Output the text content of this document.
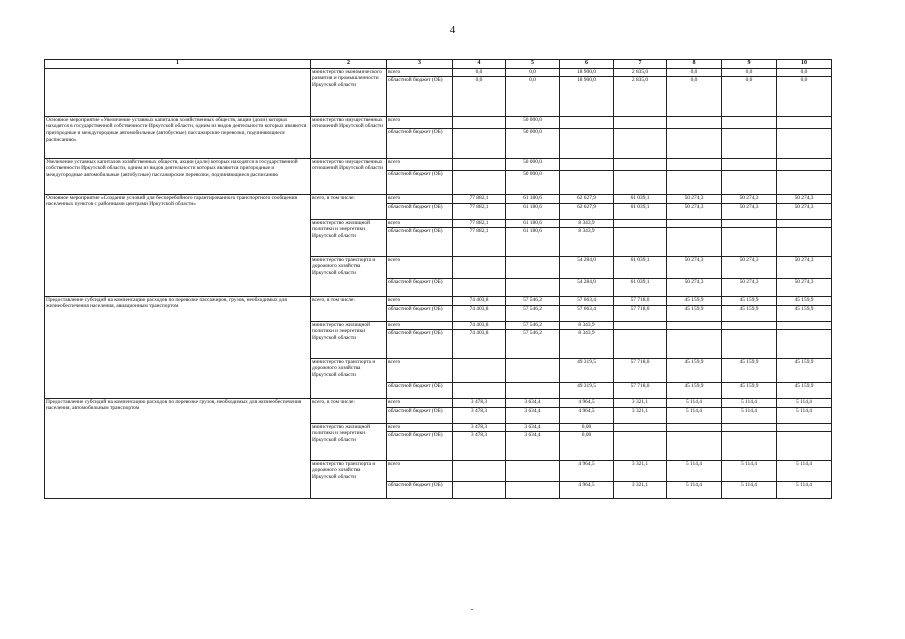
4
1	2	3	4	5	6	7	8	9	10
	министерство экономического развития и промышленности Иркутской области	всего	0,0	0,0	18 900,0	2 835,0	0,0	0,0	0,0
		областной бюджет (ОБ)	0,0	0,0	18 900,0	2 835,0	0,0	0,0	0,0
Основное мероприятие «Увеличение уставных капиталов хозяйственных обществ, акции (доли) которых находятся в государственной собственности Иркутской области, одним из видов деятельности которых являются пригородные и междугородные автомобильные (автобусные) пассажирские перевозки, подчиняющиеся расписанию»	министерство имущественных отношений Иркутской области	всего		50 000,0					
		областной бюджет (ОБ)		50 000,0					
Увеличение уставных капиталов хозяйственных обществ, акции (доли) которых находятся в государственной собственности Иркутской области, одним из видов деятельности которых являются пригородные и междугородные автомобильные (автобусные) пассажирские перевозки, подчиняющиеся расписанию	министерство имущественных отношений Иркутской области	всего		50 000,0					
		областной бюджет (ОБ)		50 000,0					
Основное мероприятие «Создание условий для бесперебойного гарантированного транспортного сообщения населенных пунктов с районными центрами Иркутской области»	всего, в том числе:	всего	77 882,1	61 180,6	62 627,9	61 039,1	50 274,3	50 274,3	50 274,3
		областной бюджет (ОБ)	77 882,1	61 180,6	62 627,9	61 039,1	50 274,3	50 274,3	50 274,3
	министерство жилищной политики и энергетики Иркутской области	всего	77 882,1	61 180,6	8 343,9				
		областной бюджет (ОБ)	77 882,1	61 180,6	8 343,9				
	министерство транспорта и дорожного хозяйства Иркутской области	всего			54 284,0	61 039,1	50 274,3	50 274,3	50 274,3
		областной бюджет (ОБ)			54 284,0	61 039,1	50 274,3	50 274,3	50 274,3
Предоставление субсидий на компенсацию расходов по перевозке пассажиров, грузов, необходимых для жизнеобеспечения населения, авиационным транспортом	всего, в том числе:	всего	74 403,8	57 546,2	57 663,4	57 718,0	45 159,9	45 159,9	45 159,9
		областной бюджет (ОБ)	74 403,8	57 546,2	57 663,4	57 718,0	45 159,9	45 159,9	45 159,9
	министерство жилищной политики и энергетики Иркутской области	всего	74 403,8	57 546,2	8 343,9				
		областной бюджет (ОБ)	74 403,8	57 546,2	8 343,9				
	министерство транспорта и дорожного хозяйства Иркутской области	всего			49 319,5	57 718,0	45 159,9	45 159,9	45 159,9
		областной бюджет (ОБ)			49 319,5	57 718,0	45 159,9	45 159,9	45 159,9
Предоставление субсидий на компенсацию расходов по перевозке грузов, необходимых для жизнеобеспечения населения, автомобильным транспортом	всего, в том числе:	всего	3 478,3	3 634,4	4 964,5	3 321,1	5 114,4	5 114,4	5 114,4
		областной бюджет (ОБ)	3 478,3	3 634,4	4 964,5	3 321,1	5 114,4	5 114,4	5 114,4
	министерство жилищной политики и энергетики Иркутской области	всего	3 478,3	3 634,4	0,00				
		областной бюджет (ОБ)	3 478,3	3 634,4	0,00				
	министерство транспорта и дорожного хозяйства Иркутской области	всего			4 964,5	3 321,1	5 114,4	5 114,4	5 114,4
		областной бюджет (ОБ)			4 964,5	3 321,1	5 114,4	5 114,4	5 114,4
